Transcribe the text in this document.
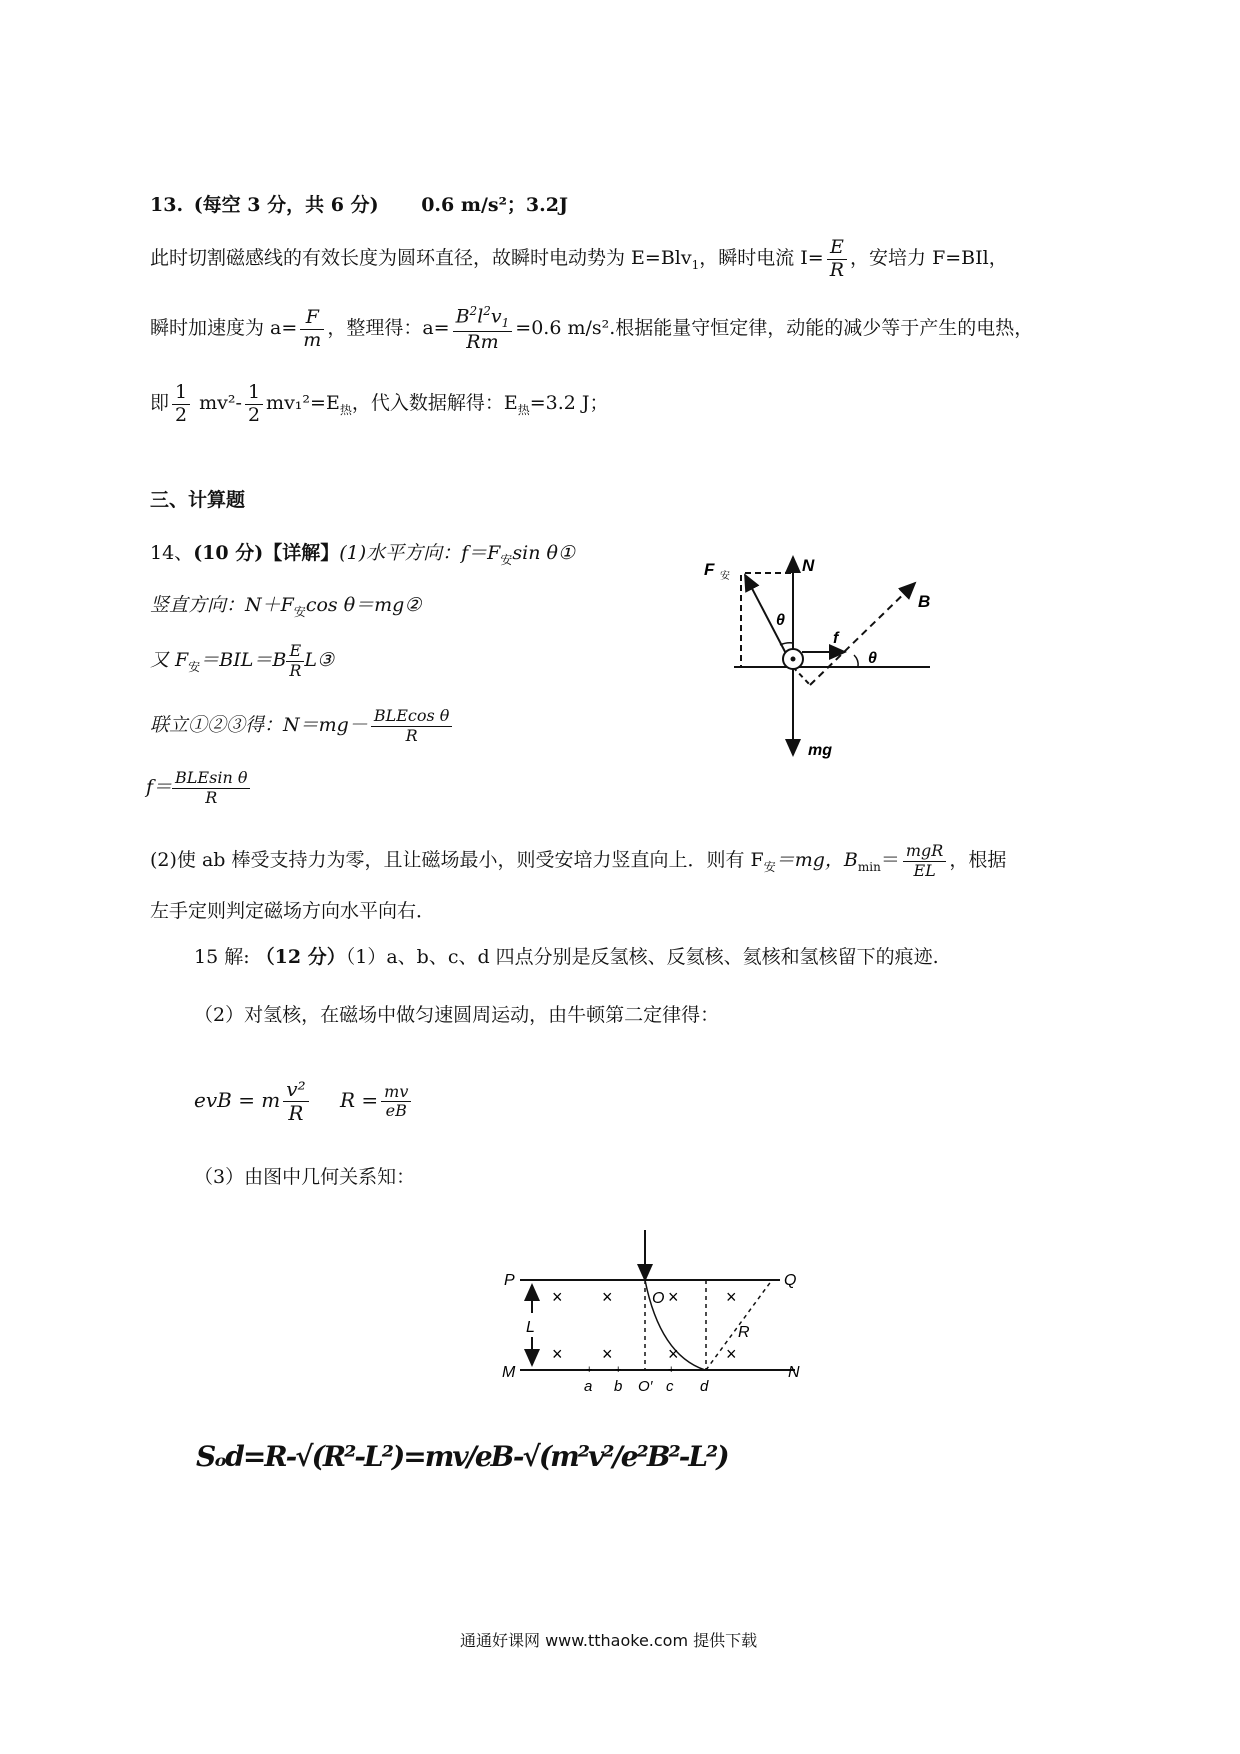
13. (每空 3 分，共 6 分) 0.6 m/s²；3.2J
此时切割磁感线的有效长度为圆环直径，故瞬时电动势为 E=Blv$_1$，瞬时电流 $I= \frac{E}{R}$ ，安培力 F=BIl，
瞬时加速度为 $a= \frac{F}{m}$ ，整理得：$a= \frac{B^2l^2v_1}{Rm} =0.6$ m/s².根据能量守恒定律，动能的减少等于产生的电热，
即 $\frac{1}{2} mv^2- \frac{1}{2} mv_1^2=E_热$，代入数据解得：$E_热=3.2$ J；
三、计算题
14、(10 分)【详解】(1)水平方向：$f=F_安\sin$ θ①
竖直方向：$N+F_安\cos$ θ＝mg②
又 $F_安=BIL=B \frac{E}{R}$ L③
联立①②③得：$N=mg- \frac{\text{BLEcos θ}}{R}$
$f= \frac{\text{BLEsin θ}}{R}$
F 安
N
θ
B
f
θ
mg
(2)使 ab 棒受支持力为零，且让磁场最小，则受安培力竖直向上．则有 $F_安=mg$，$B_{min}= \frac{\text{mgR}}{EL}$ ，根据
左手定则判定磁场方向水平向右．
15 解: （12 分）（1）a、b、c、d 四点分别是反氢核、反氦核、氦核和氢核留下的痕迹.
（2）对氢核，在磁场中做匀速圆周运动，由牛顿第二定律得：
evB = m $\frac{\text{v²}}{R}$ $R = \frac{mv}{eB}$
（3）由图中几何关系知：
× ×	×	×
× ×	×	×
P	Q
L
M	N
O
R
a b O′ c d
+ +	+
Sₒd=R-√(R²-L²)=mv/eB-√(m²v²/e²B²-L²)
通通好课网 www.tthaoke.com 提供下载
